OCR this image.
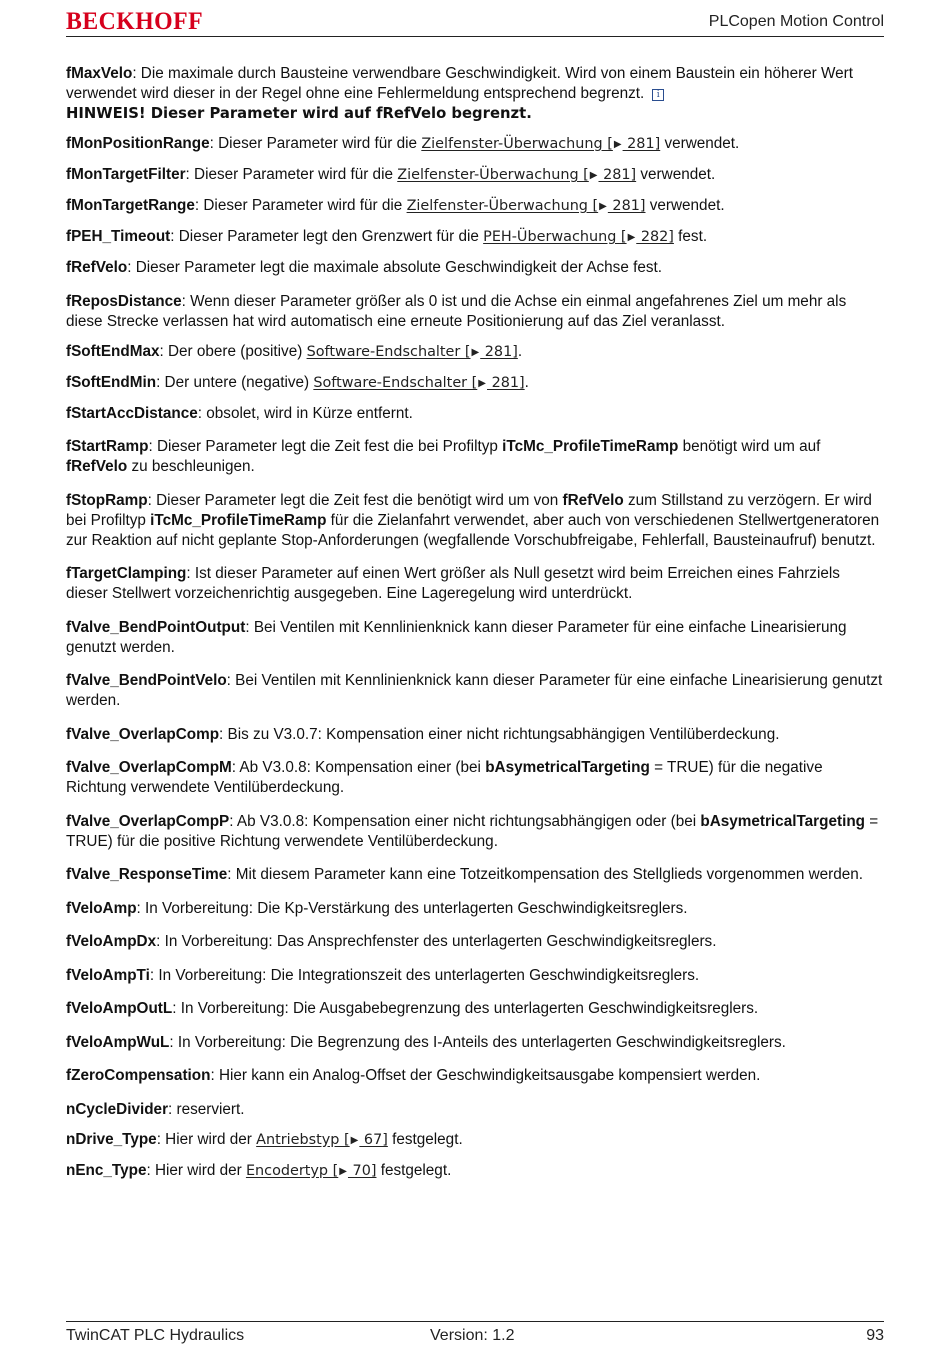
BECKHOFF	PLCopen Motion Control

fMaxVelo: Die maximale durch Bausteine verwendbare Geschwindigkeit. Wird von einem Baustein ein höherer Wert verwendet wird dieser in der Regel ohne eine Fehlermeldung entsprechend begrenzt. i
HINWEIS! Dieser Parameter wird auf fRefVelo begrenzt.

fMonPositionRange: Dieser Parameter wird für die Zielfenster-Überwachung [▶ 281] verwendet.

fMonTargetFilter: Dieser Parameter wird für die Zielfenster-Überwachung [▶ 281] verwendet.

fMonTargetRange: Dieser Parameter wird für die Zielfenster-Überwachung [▶ 281] verwendet.

fPEH_Timeout: Dieser Parameter legt den Grenzwert für die PEH-Überwachung [▶ 282] fest.

fRefVelo: Dieser Parameter legt die maximale absolute Geschwindigkeit der Achse fest.

fReposDistance: Wenn dieser Parameter größer als 0 ist und die Achse ein einmal angefahrenes Ziel um mehr als diese Strecke verlassen hat wird automatisch eine erneute Positionierung auf das Ziel veranlasst.

fSoftEndMax: Der obere (positive) Software-Endschalter [▶ 281].

fSoftEndMin: Der untere (negative) Software-Endschalter [▶ 281].

fStartAccDistance: obsolet, wird in Kürze entfernt.

fStartRamp: Dieser Parameter legt die Zeit fest die bei Profiltyp iTcMc_ProfileTimeRamp benötigt wird um auf fRefVelo zu beschleunigen.

fStopRamp: Dieser Parameter legt die Zeit fest die benötigt wird um von fRefVelo zum Stillstand zu verzögern. Er wird bei Profiltyp iTcMc_ProfileTimeRamp für die Zielanfahrt verwendet, aber auch von verschiedenen Stellwertgeneratoren zur Reaktion auf nicht geplante Stop-Anforderungen (wegfallende Vorschubfreigabe, Fehlerfall, Bausteinaufruf) benutzt.

fTargetClamping: Ist dieser Parameter auf einen Wert größer als Null gesetzt wird beim Erreichen eines Fahrziels dieser Stellwert vorzeichenrichtig ausgegeben. Eine Lageregelung wird unterdrückt.

fValve_BendPointOutput: Bei Ventilen mit Kennlinienknick kann dieser Parameter für eine einfache Linearisierung genutzt werden.

fValve_BendPointVelo: Bei Ventilen mit Kennlinienknick kann dieser Parameter für eine einfache Linearisierung genutzt werden.

fValve_OverlapComp: Bis zu V3.0.7: Kompensation einer nicht richtungsabhängigen Ventilüberdeckung.

fValve_OverlapCompM: Ab V3.0.8: Kompensation einer (bei bAsymetricalTargeting = TRUE) für die negative Richtung verwendete Ventilüberdeckung.

fValve_OverlapCompP: Ab V3.0.8: Kompensation einer nicht richtungsabhängigen oder (bei bAsymetricalTargeting = TRUE) für die positive Richtung verwendete Ventilüberdeckung.

fValve_ResponseTime: Mit diesem Parameter kann eine Totzeitkompensation des Stellglieds vorgenommen werden.

fVeloAmp: In Vorbereitung: Die Kp-Verstärkung des unterlagerten Geschwindigkeitsreglers.

fVeloAmpDx: In Vorbereitung: Das Ansprechfenster des unterlagerten Geschwindigkeitsreglers.

fVeloAmpTi: In Vorbereitung: Die Integrationszeit des unterlagerten Geschwindigkeitsreglers.

fVeloAmpOutL: In Vorbereitung: Die Ausgabebegrenzung des unterlagerten Geschwindigkeitsreglers.

fVeloAmpWuL: In Vorbereitung: Die Begrenzung des I-Anteils des unterlagerten Geschwindigkeitsreglers.

fZeroCompensation: Hier kann ein Analog-Offset der Geschwindigkeitsausgabe kompensiert werden.

nCycleDivider: reserviert.

nDrive_Type: Hier wird der Antriebstyp [▶ 67] festgelegt.

nEnc_Type: Hier wird der Encodertyp [▶ 70] festgelegt.

TwinCAT PLC Hydraulics	Version: 1.2	93
